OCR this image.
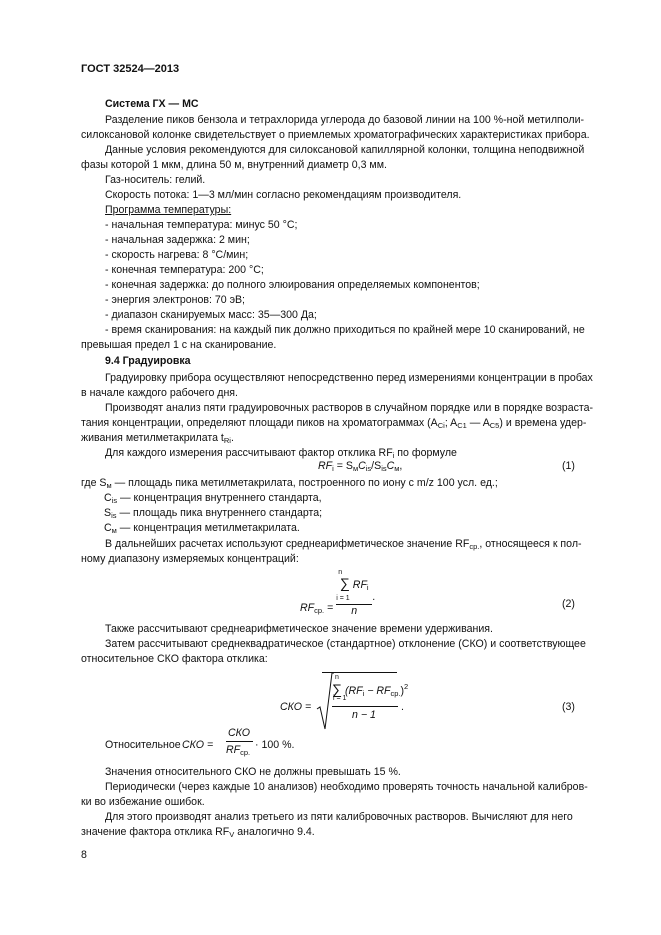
ГОСТ 32524—2013
Система ГХ — МС
Разделение пиков бензола и тетрахлорида углерода до базовой линии на 100 %-ной метилполи-
силоксановой колонке свидетельствует о приемлемых хроматографических характеристиках прибора.
Данные условия рекомендуются для силоксановой капиллярной колонки, толщина неподвижной
фазы которой 1 мкм, длина 50 м, внутренний диаметр 0,3 мм.
Газ-носитель: гелий.
Скорость потока: 1—3 мл/мин согласно рекомендациям производителя.
Программа температуры:
- начальная температура: минус 50 °С;
- начальная задержка: 2 мин;
- скорость нагрева: 8 °С/мин;
- конечная температура: 200 °С;
- конечная задержка: до полного элюирования определяемых компонентов;
- энергия электронов: 70 эВ;
- диапазон сканируемых масс: 35—300 Да;
- время сканирования: на каждый пик должно приходиться по крайней мере 10 сканирований, не
превышая предел 1 с на сканирование.
9.4 Градуировка
Градуировку прибора осуществляют непосредственно перед измерениями концентрации в пробах
в начале каждого рабочего дня.
Производят анализ пяти градуировочных растворов в случайном порядке или в порядке возраста-
тания концентрации, определяют площади пиков на хроматограммах ($A_{Ci}$; $A_{C1}$ — $A_{C5}$) и времена удер-
живания метилметакрилата $t_{Ri}$.
Для каждого измерения рассчитывают фактор отклика $RF_i$ по формуле
где $S_м$ — площадь пика метилметакрилата, построенного по иону с m/z 100 усл. ед.;
$C_{is}$ — концентрация внутреннего стандарта,
$S_{is}$ — площадь пика внутреннего стандарта;
$C_м$ — концентрация метилметакрилата.
В дальнейших расчетах используют среднеарифметическое значение $RF_{ср.}$, относящееся к пол-
ному диапазону измеряемых концентраций:
Также рассчитывают среднеарифметическое значение времени удерживания.
Затем рассчитывают среднеквадратическое (стандартное) отклонение (СКО) и соответствующее
относительное СКО фактора отклика:
Значения относительного СКО не должны превышать 15 %.
Периодически (через каждые 10 анализов) необходимо проверять точность начальной калибров-
ки во избежание ошибок.
Для этого производят анализ третьего из пяти калибровочных растворов. Вычисляют для него
значение фактора отклика $RF_V$ аналогично 9.4.
$RF_i = S_мC_{is}/S_{is}C_м$,	(1)
$RF_{ср.}$ =
n
∑ $RF_i$
i = 1
n
.
(2)
СКО =
n
∑ $(RF_i - RF_{ср.})^2$
i = 1
n − 1
.	(3)
Относительное СКО =
СКО
$RF_{ср.}$
· 100 %.
8
